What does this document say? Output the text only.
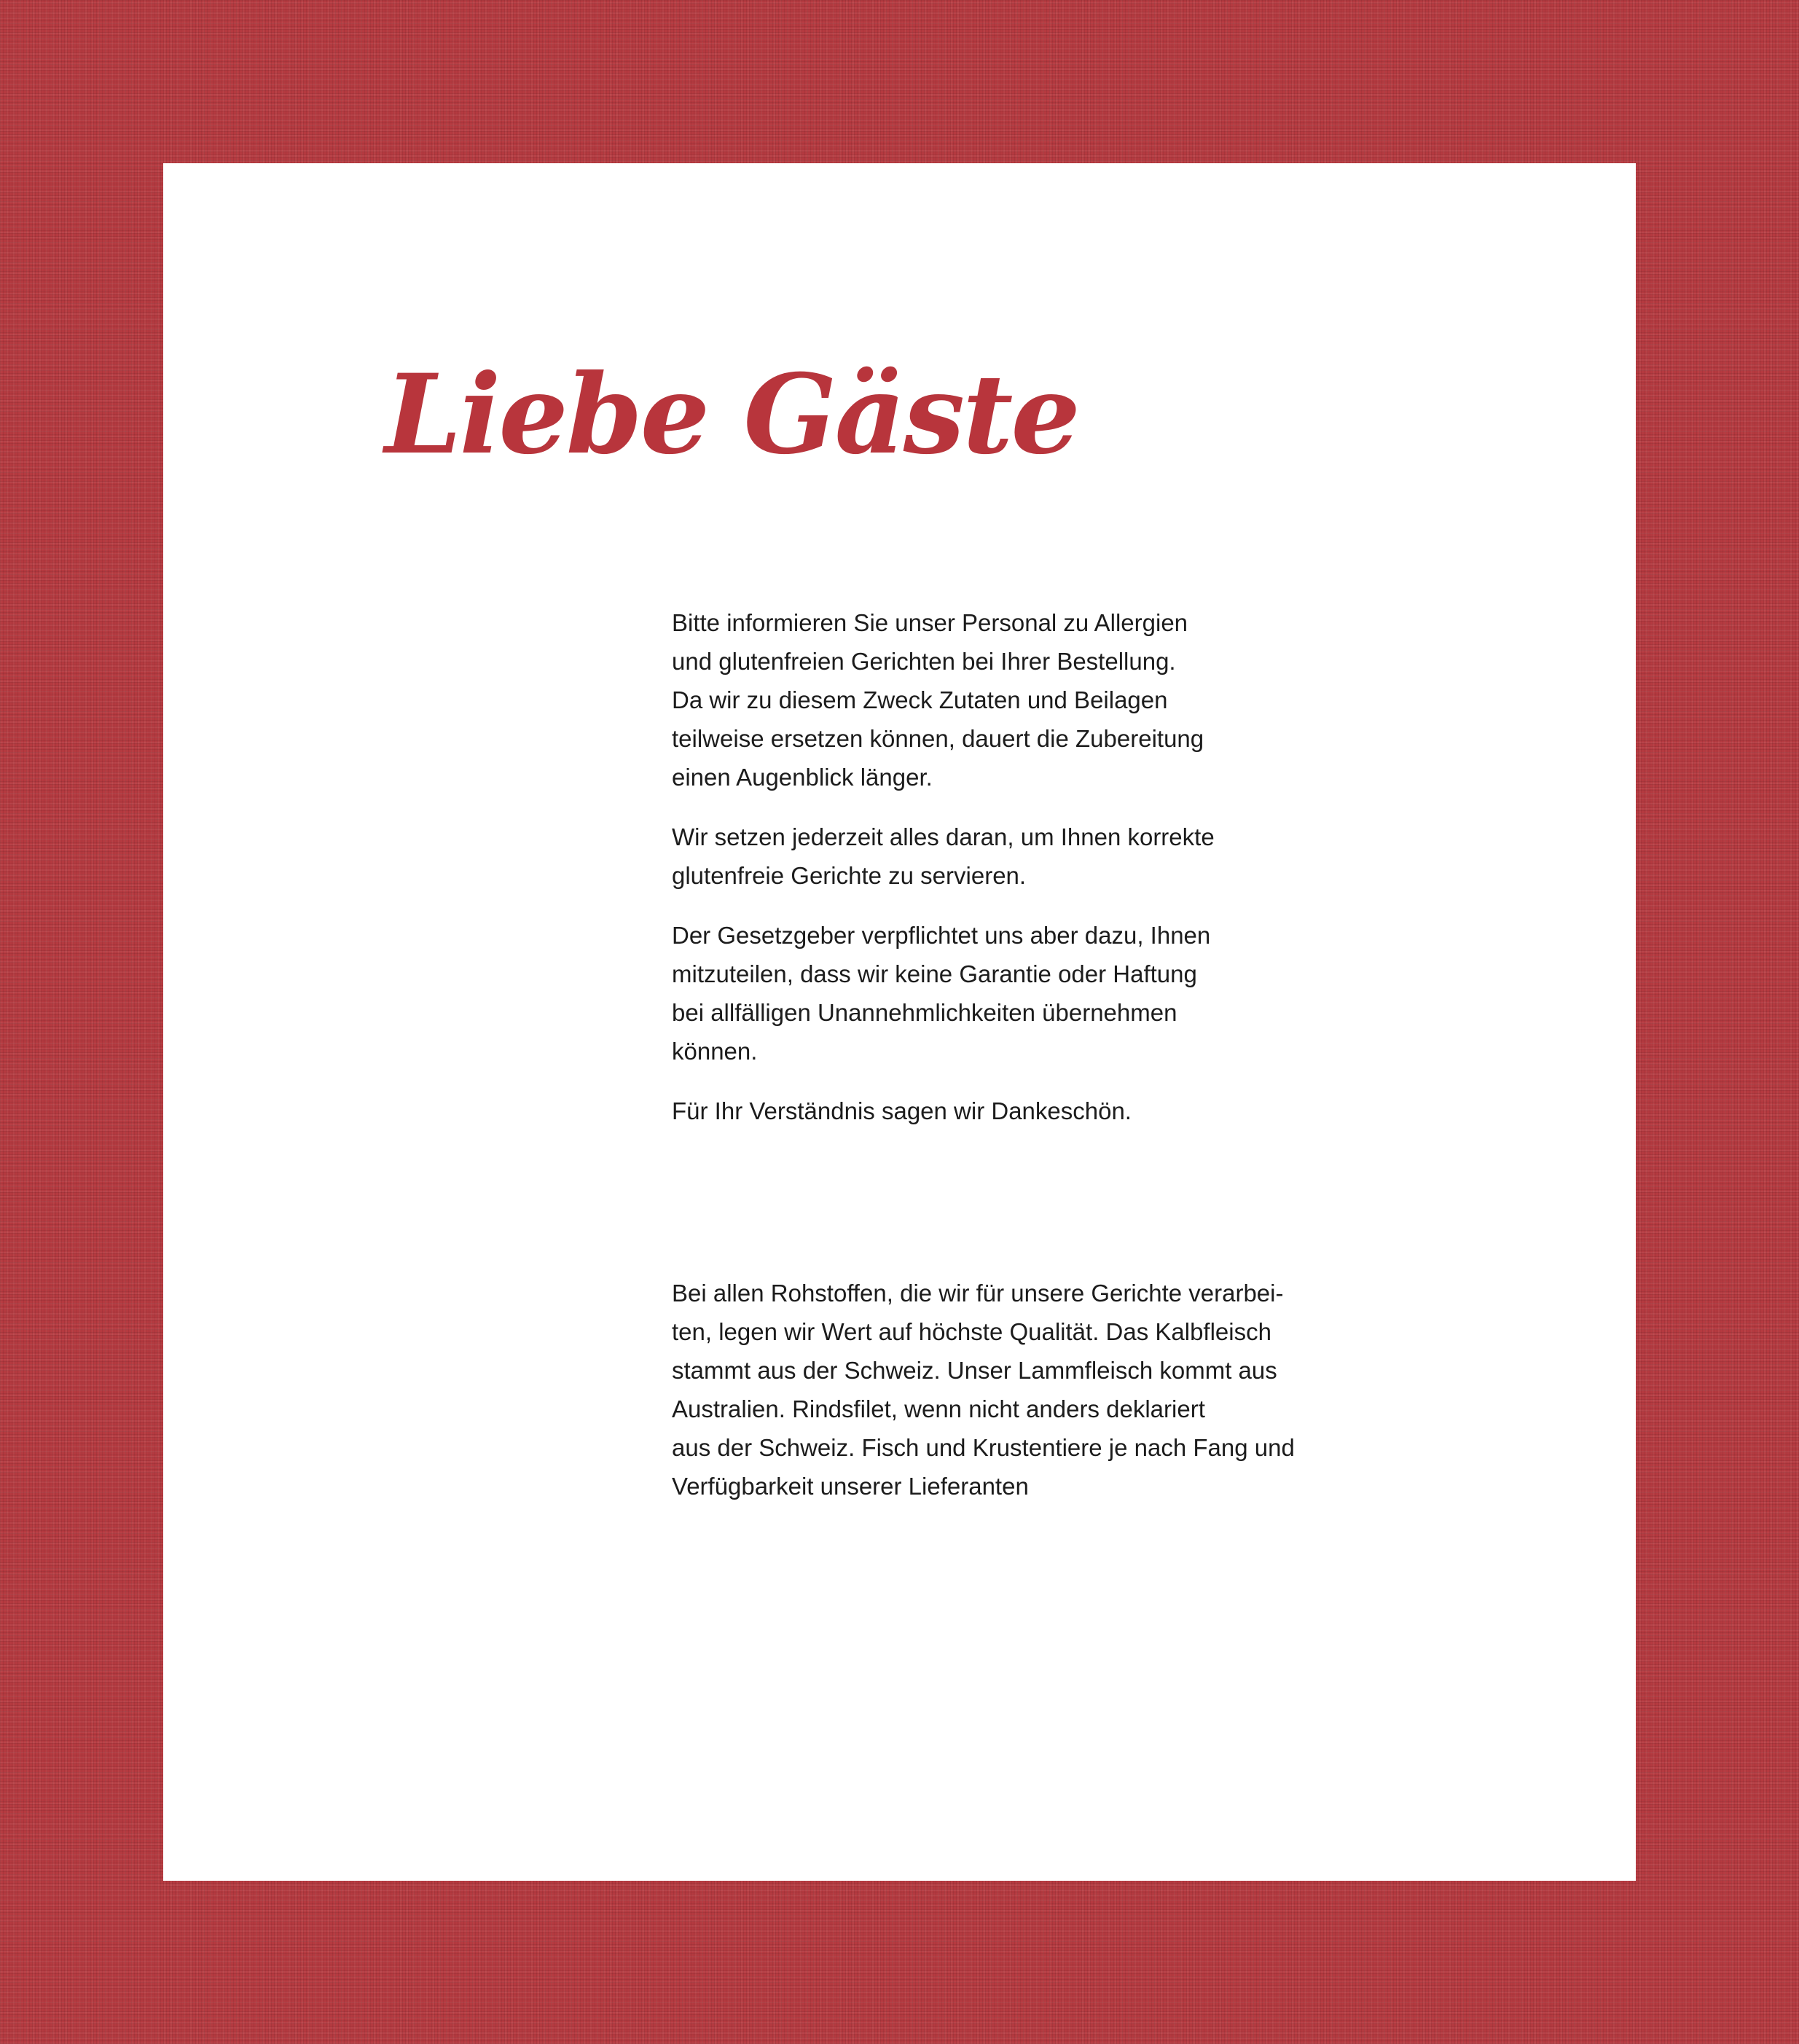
Liebe Gäste

Bitte informieren Sie unser Personal zu Allergien
und glutenfreien Gerichten bei Ihrer Bestellung.
Da wir zu diesem Zweck Zutaten und Beilagen
teilweise ersetzen können, dauert die Zubereitung
einen Augenblick länger.

Wir setzen jederzeit alles daran, um Ihnen korrekte
glutenfreie Gerichte zu servieren.

Der Gesetzgeber verpflichtet uns aber dazu, Ihnen
mitzuteilen, dass wir keine Garantie oder Haftung
bei allfälligen Unannehmlichkeiten übernehmen
können.

Für Ihr Verständnis sagen wir Dankeschön.

Bei allen Rohstoffen, die wir für unsere Gerichte verarbei-
ten, legen wir Wert auf höchste Qualität. Das Kalbfleisch
stammt aus der Schweiz. Unser Lammfleisch kommt aus
Australien. Rindsfilet, wenn nicht anders deklariert
aus der Schweiz. Fisch und Krustentiere je nach Fang und
Verfügbarkeit unserer Lieferanten
